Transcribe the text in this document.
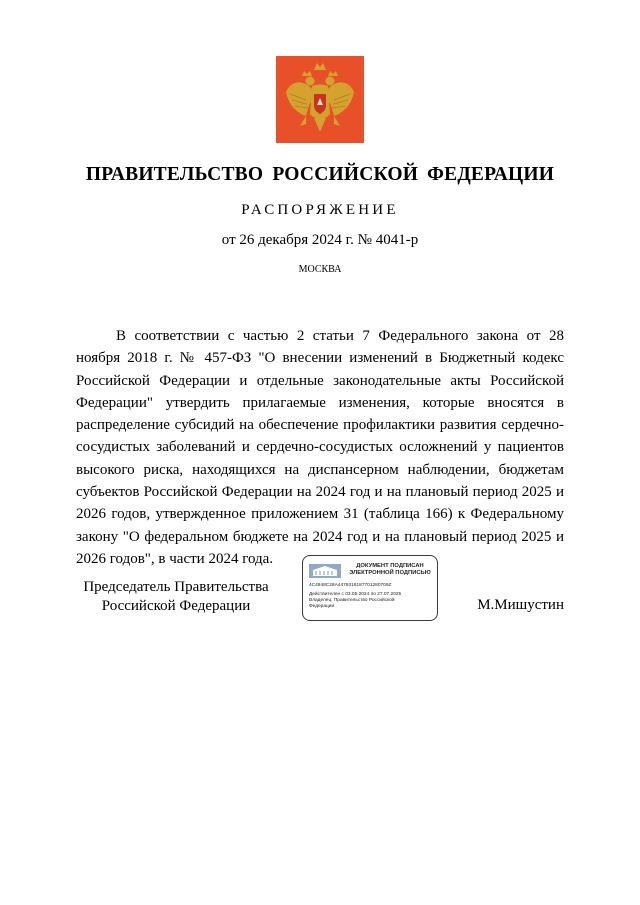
ПРАВИТЕЛЬСТВО РОССИЙСКОЙ ФЕДЕРАЦИИ
РАСПОРЯЖЕНИЕ
от 26 декабря 2024 г. № 4041-р
МОСКВА

В соответствии с частью 2 статьи 7 Федерального закона от 28 ноября 2018 г. № 457-ФЗ "О внесении изменений в Бюджетный кодекс Российской Федерации и отдельные законодательные акты Российской Федерации" утвердить прилагаемые изменения, которые вносятся в распределение субсидий на обеспечение профилактики развития сердечно-сосудистых заболеваний и сердечно-сосудистых осложнений у пациентов высокого риска, находящихся на диспансерном наблюдении, бюджетам субъектов Российской Федерации на 2024 год и на плановый период 2025 и 2026 годов, утвержденное приложением 31 (таблица 166) к Федеральному закону "О федеральном бюджете на 2024 год и на плановый период 2025 и 2026 годов", в части 2024 года.

Председатель Правительства
Российской Федерации
ДОКУМЕНТ ПОДПИСАН
ЭЛЕКТРОННОЙ ПОДПИСЬЮ
4C4848C28A4479318187701280709Z
Действителен с 03.05.2024 по 27.07.2025
Владелец: Правительство Российской
Федерации	М.Мишустин
